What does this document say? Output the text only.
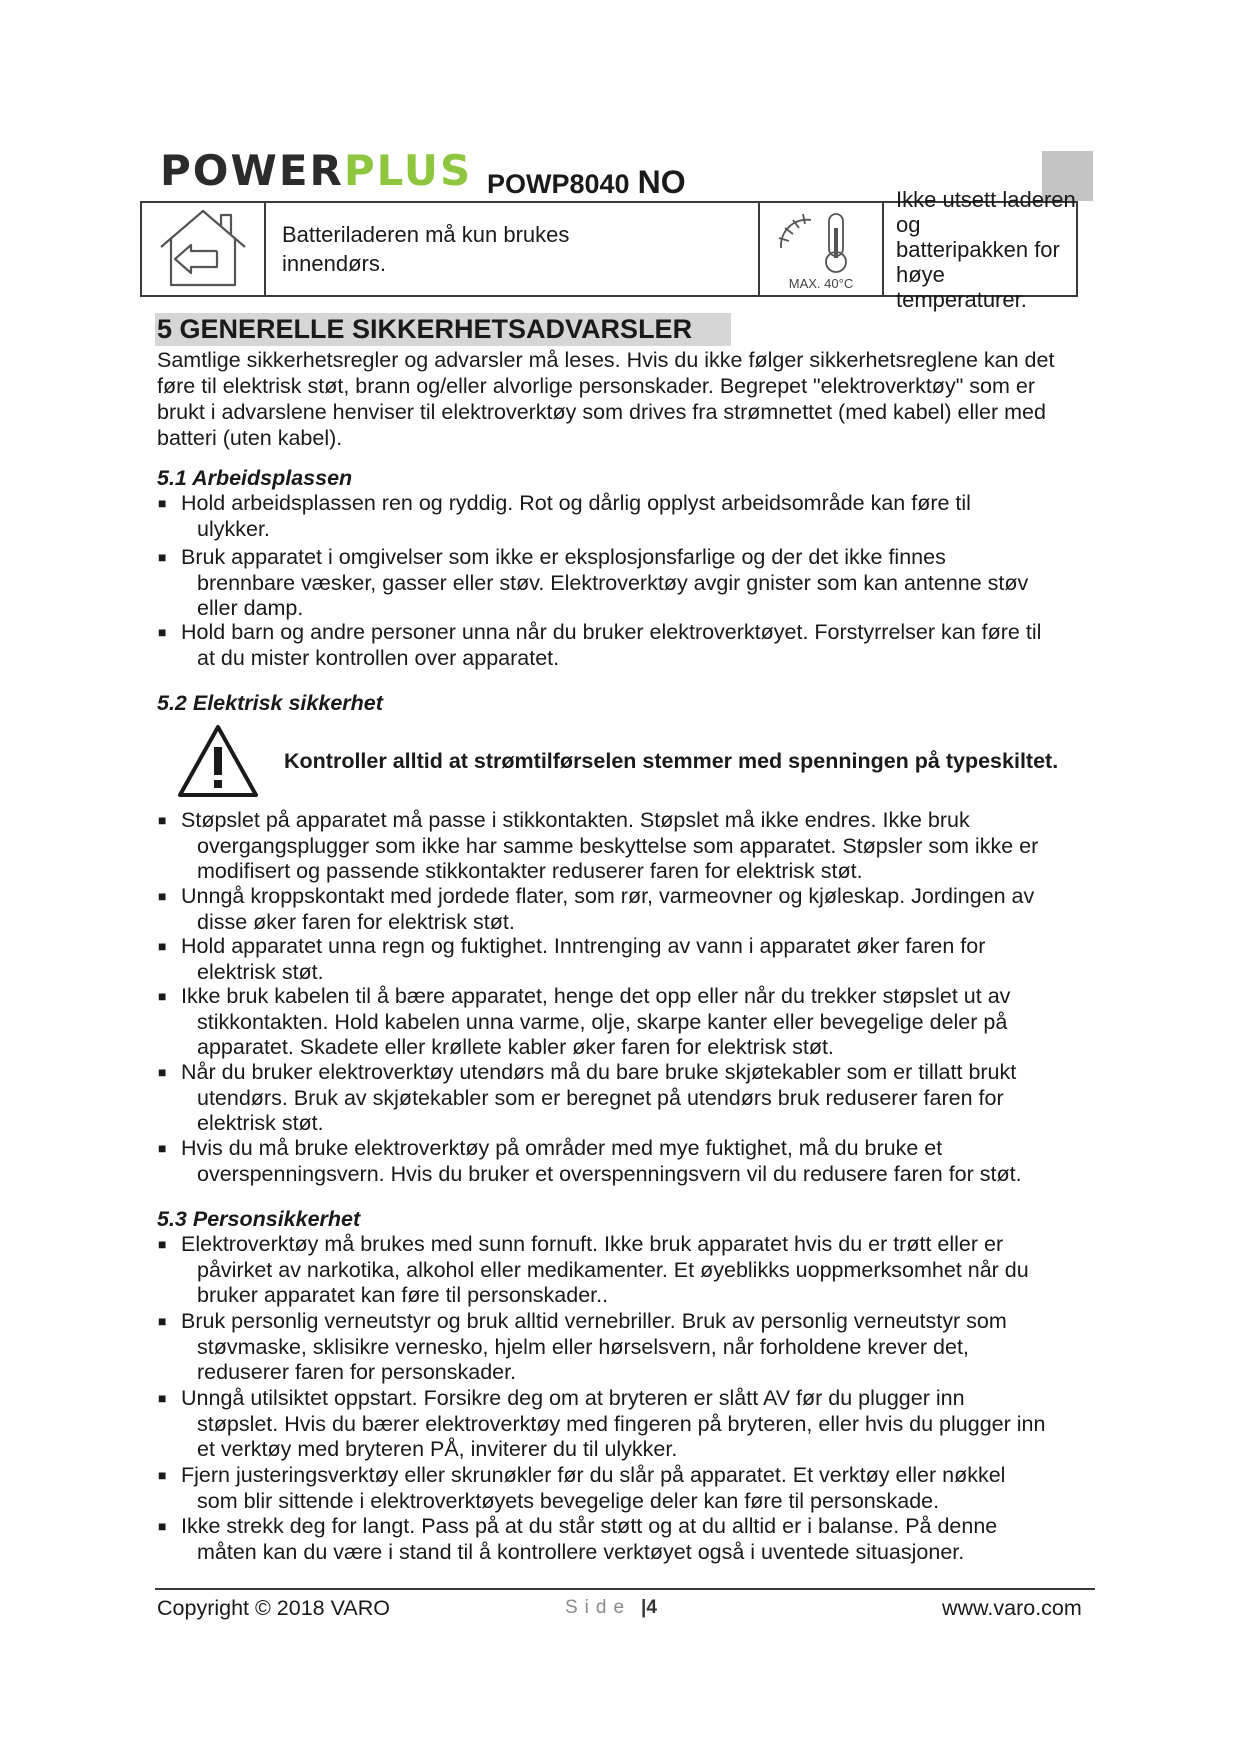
POWERPLUS POWP8040 NO
Batteriladeren må kun brukes innendørs.
MAX. 40°C
Ikke utsett laderen og
batteripakken for høye
temperaturer.
5 GENERELLE SIKKERHETSADVARSLER
Samtlige sikkerhetsregler og advarsler må leses. Hvis du ikke følger sikkerhetsreglene kan det
føre til elektrisk støt, brann og/eller alvorlige personskader. Begrepet "elektroverktøy" som er
brukt i advarslene henviser til elektroverktøy som drives fra strømnettet (med kabel) eller med
batteri (uten kabel).
5.1 Arbeidsplassen
■ Hold arbeidsplassen ren og ryddig. Rot og dårlig opplyst arbeidsområde kan føre til
ulykker.
■ Bruk apparatet i omgivelser som ikke er eksplosjonsfarlige og der det ikke finnes
brennbare væsker, gasser eller støv. Elektroverktøy avgir gnister som kan antenne støv
eller damp.
■ Hold barn og andre personer unna når du bruker elektroverktøyet. Forstyrrelser kan føre til
at du mister kontrollen over apparatet.
5.2 Elektrisk sikkerhet
Kontroller alltid at strømtilførselen stemmer med spenningen på typeskiltet.
■ Støpslet på apparatet må passe i stikkontakten. Støpslet må ikke endres. Ikke bruk
overgangsplugger som ikke har samme beskyttelse som apparatet. Støpsler som ikke er
modifisert og passende stikkontakter reduserer faren for elektrisk støt.
■ Unngå kroppskontakt med jordede flater, som rør, varmeovner og kjøleskap. Jordingen av
disse øker faren for elektrisk støt.
■ Hold apparatet unna regn og fuktighet. Inntrenging av vann i apparatet øker faren for
elektrisk støt.
■ Ikke bruk kabelen til å bære apparatet, henge det opp eller når du trekker støpslet ut av
stikkontakten. Hold kabelen unna varme, olje, skarpe kanter eller bevegelige deler på
apparatet. Skadete eller krøllete kabler øker faren for elektrisk støt.
■ Når du bruker elektroverktøy utendørs må du bare bruke skjøtekabler som er tillatt brukt
utendørs. Bruk av skjøtekabler som er beregnet på utendørs bruk reduserer faren for
elektrisk støt.
■ Hvis du må bruke elektroverktøy på områder med mye fuktighet, må du bruke et
overspenningsvern. Hvis du bruker et overspenningsvern vil du redusere faren for støt.
5.3 Personsikkerhet
■ Elektroverktøy må brukes med sunn fornuft. Ikke bruk apparatet hvis du er trøtt eller er
påvirket av narkotika, alkohol eller medikamenter. Et øyeblikks uoppmerksomhet når du
bruker apparatet kan føre til personskader..
■ Bruk personlig verneutstyr og bruk alltid vernebriller. Bruk av personlig verneutstyr som
støvmaske, sklisikre vernesko, hjelm eller hørselsvern, når forholdene krever det,
reduserer faren for personskader.
■ Unngå utilsiktet oppstart. Forsikre deg om at bryteren er slått AV før du plugger inn
støpslet. Hvis du bærer elektroverktøy med fingeren på bryteren, eller hvis du plugger inn
et verktøy med bryteren PÅ, inviterer du til ulykker.
■ Fjern justeringsverktøy eller skrunøkler før du slår på apparatet. Et verktøy eller nøkkel
som blir sittende i elektroverktøyets bevegelige deler kan føre til personskade.
■ Ikke strekk deg for langt. Pass på at du står støtt og at du alltid er i balanse. På denne
måten kan du være i stand til å kontrollere verktøyet også i uventede situasjoner.
Copyright © 2018 VARO	Side |4	www.varo.com
